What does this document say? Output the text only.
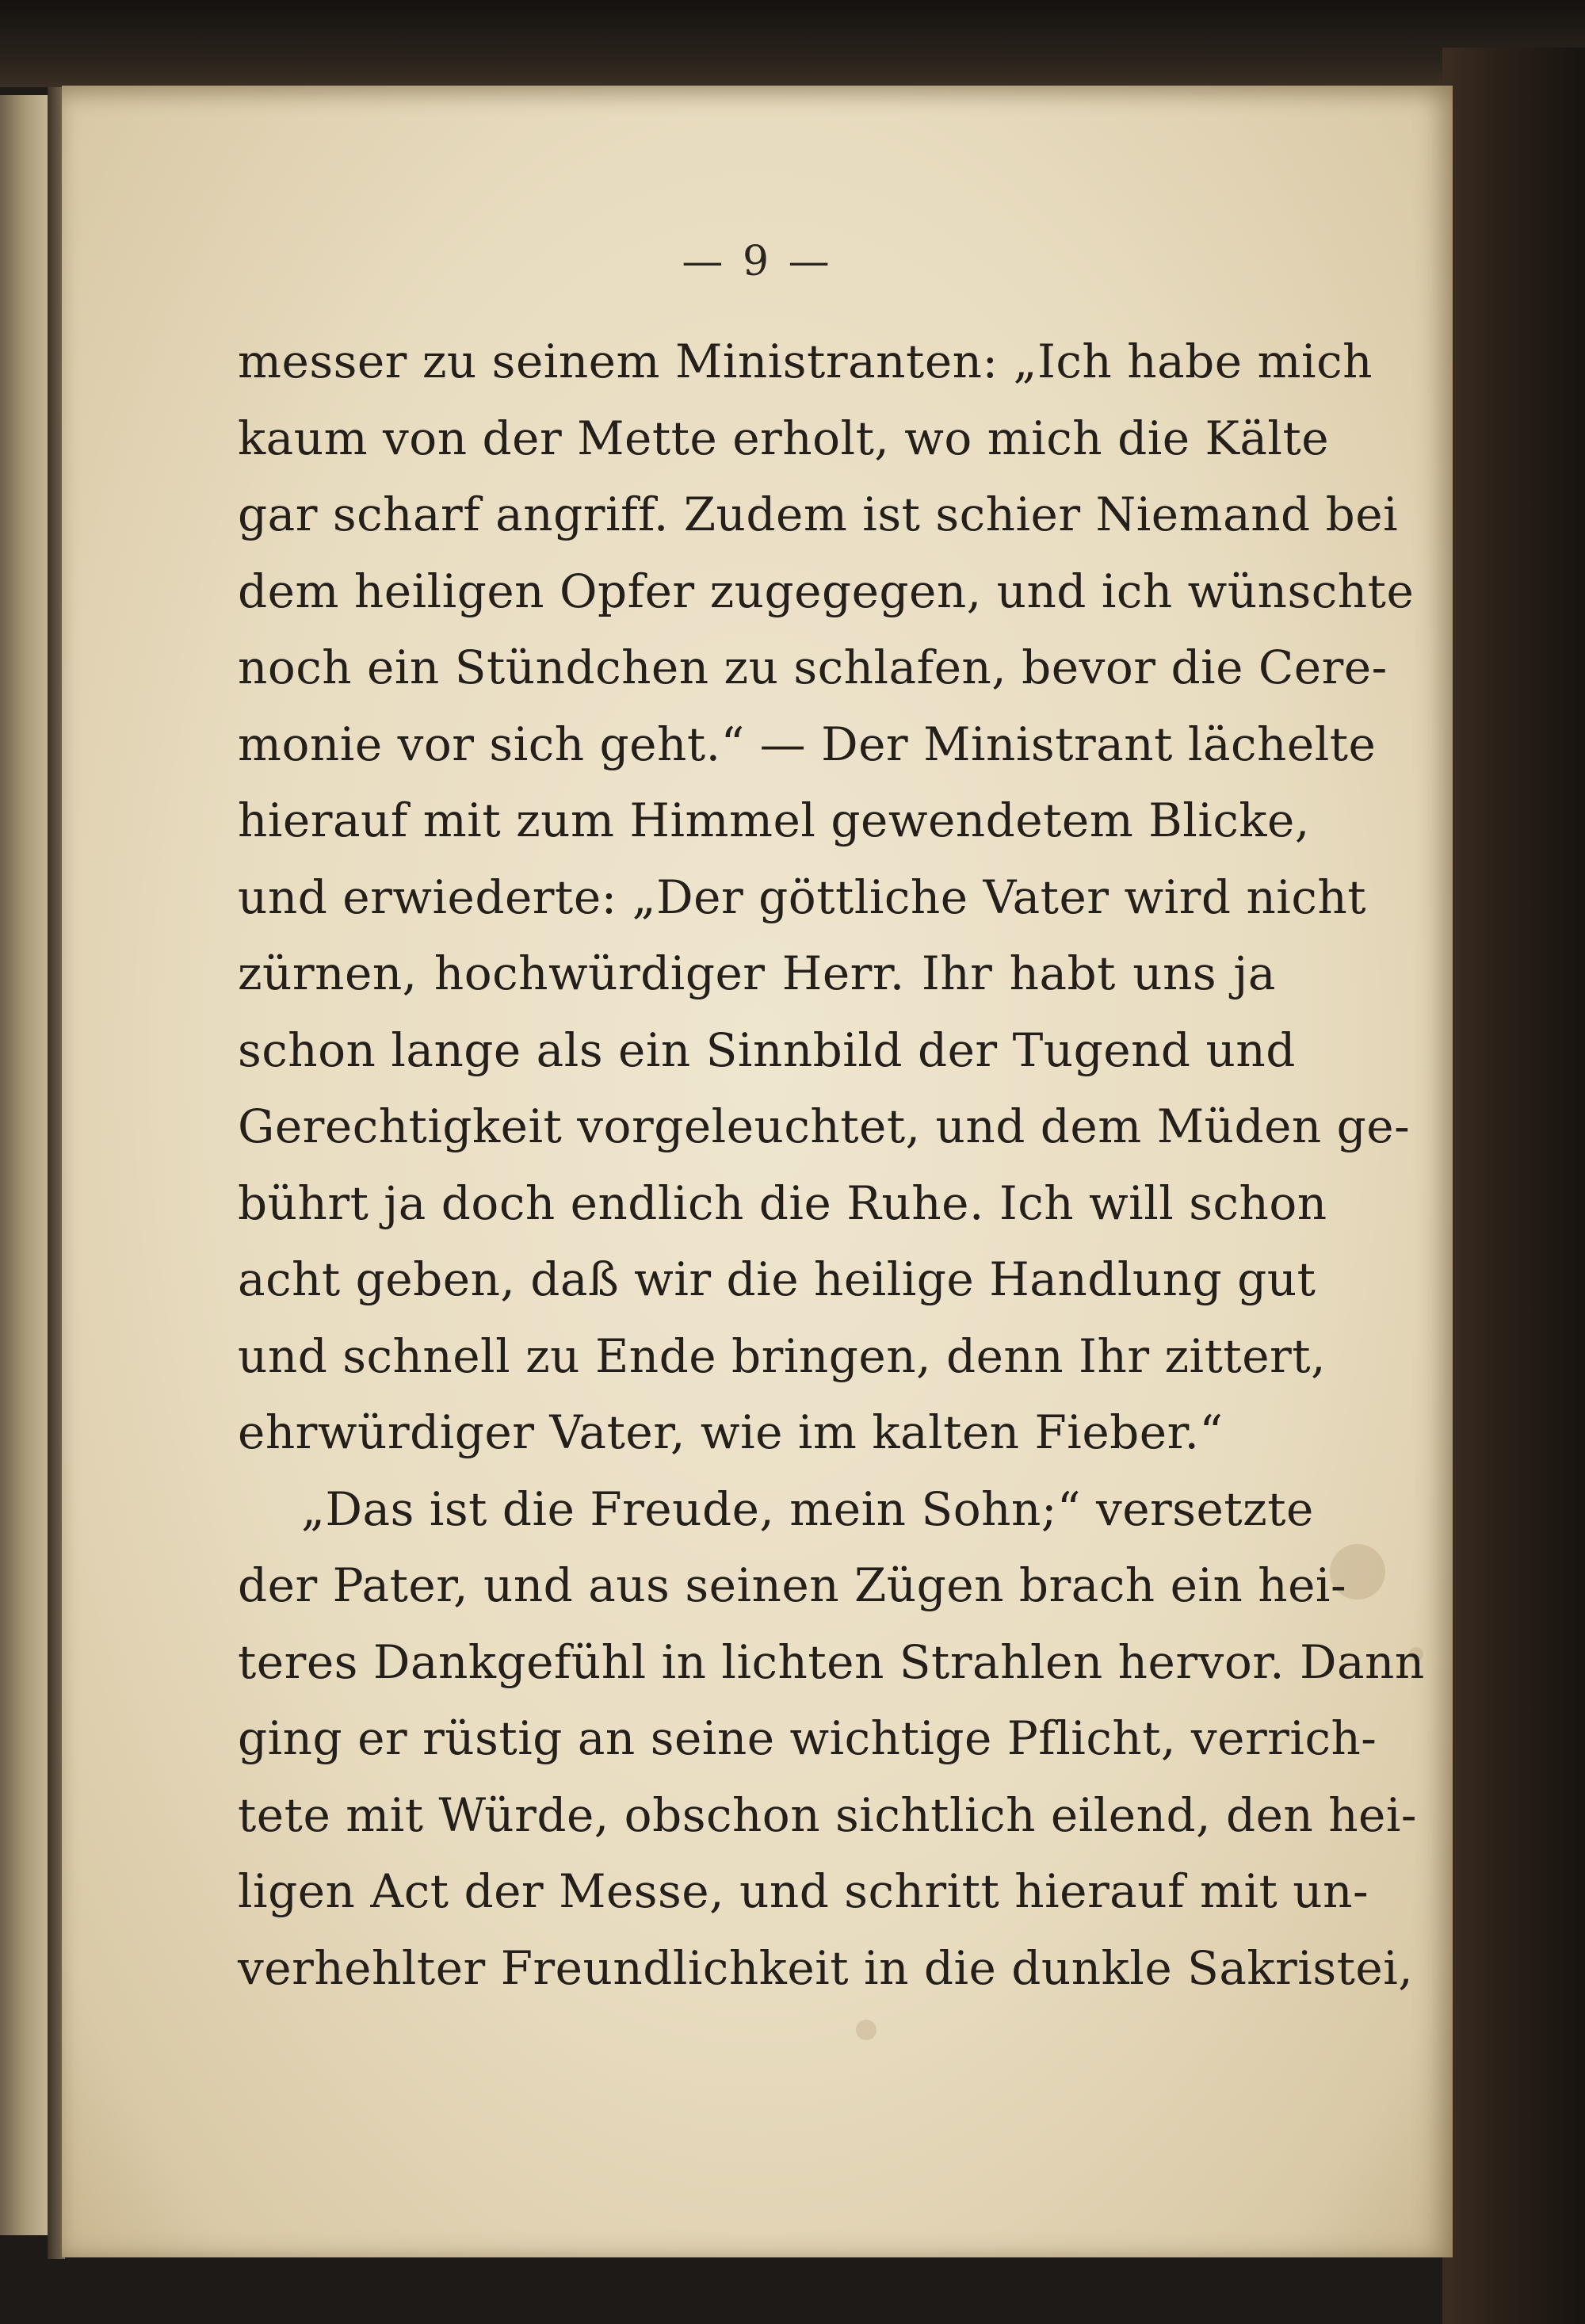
— 9 —
messer zu seinem Ministranten: „Ich habe mich
kaum von der Mette erholt, wo mich die Kälte
gar scharf angriff. Zudem ist schier Niemand bei
dem heiligen Opfer zugegegen, und ich wünschte
noch ein Stündchen zu schlafen, bevor die Cere-
monie vor sich geht.“ — Der Ministrant lächelte
hierauf mit zum Himmel gewendetem Blicke,
und erwiederte: „Der göttliche Vater wird nicht
zürnen, hochwürdiger Herr. Ihr habt uns ja
schon lange als ein Sinnbild der Tugend und
Gerechtigkeit vorgeleuchtet, und dem Müden ge-
bührt ja doch endlich die Ruhe. Ich will schon
acht geben, daß wir die heilige Handlung gut
und schnell zu Ende bringen, denn Ihr zittert,
ehrwürdiger Vater, wie im kalten Fieber.“
„Das ist die Freude, mein Sohn;“ versetzte
der Pater, und aus seinen Zügen brach ein hei-
teres Dankgefühl in lichten Strahlen hervor. Dann
ging er rüstig an seine wichtige Pflicht, verrich-
tete mit Würde, obschon sichtlich eilend, den hei-
ligen Act der Messe, und schritt hierauf mit un-
verhehlter Freundlichkeit in die dunkle Sakristei,
